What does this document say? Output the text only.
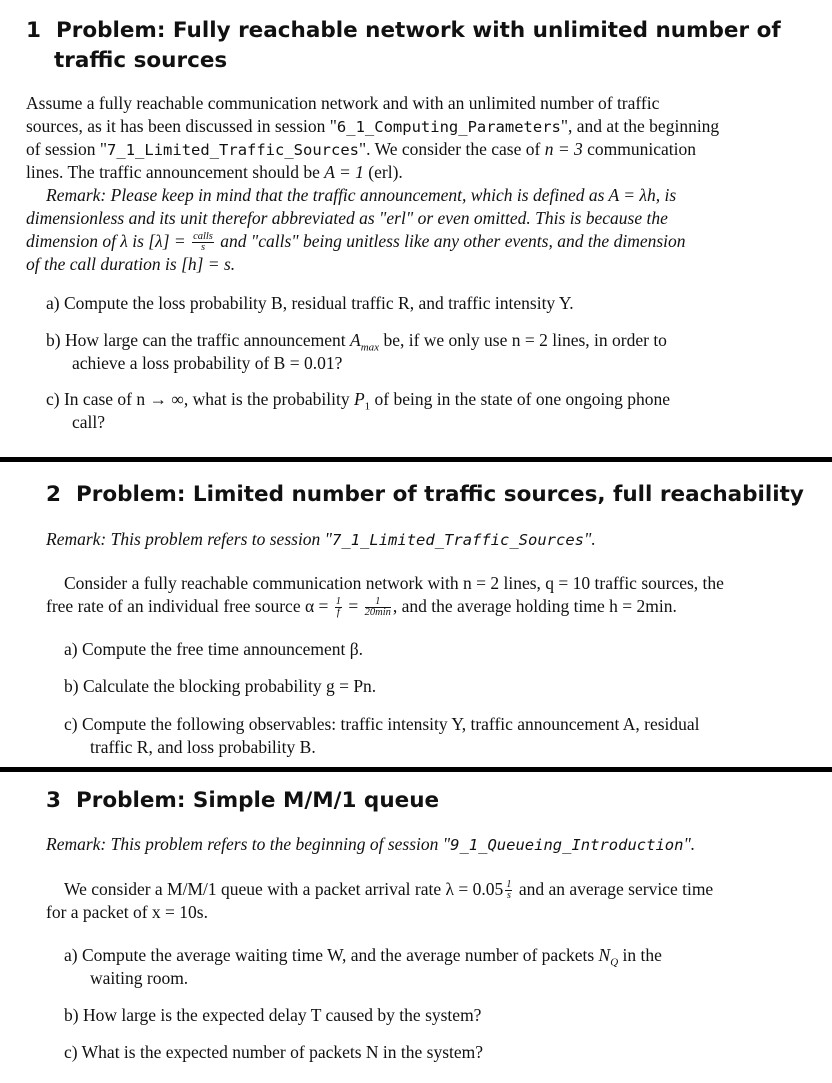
1 Problem: Fully reachable network with unlimited number of
traffic sources
Assume a fully reachable communication network and with an unlimited number of traffic
sources, as it has been discussed in session "6_1_Computing_Parameters", and at the beginning
of session "7_1_Limited_Traffic_Sources". We consider the case of n = 3 communication
lines. The traffic announcement should be A = 1 (erl).
Remark: Please keep in mind that the traffic announcement, which is defined as A = λh, is
dimensionless and its unit therefor abbreviated as "erl" or even omitted. This is because the
dimension of λ is $[\lambda] = \frac{\text{calls}}{s}$ and "calls" being unitless like any other events, and the dimension
of the call duration is [h] = s.
a) Compute the loss probability B, residual traffic R, and traffic intensity Y.
b) How large can the traffic announcement $A_{max}$ be, if we only use n = 2 lines, in order to
achieve a loss probability of B = 0.01?
c) In case of n → ∞, what is the probability $P_1$ of being in the state of one ongoing phone
call?
2 Problem: Limited number of traffic sources, full reachability
Remark: This problem refers to session "7_1_Limited_Traffic_Sources".
Consider a fully reachable communication network with n = 2 lines, q = 10 traffic sources, the
free rate of an individual free source $\alpha = \frac{1}{f} = \frac{1}{20\min}$ , and the average holding time h = 2min.
a) Compute the free time announcement β.
b) Calculate the blocking probability g = Pn.
c) Compute the following observables: traffic intensity Y, traffic announcement A, residual
traffic R, and loss probability B.
3 Problem: Simple M/M/1 queue
Remark: This problem refers to the beginning of session "9_1_Queueing_Introduction".
We consider a M/M/1 queue with a packet arrival rate $\lambda = 0.05 \frac{1}{s}$ and an average service time
for a packet of x = 10s.
a) Compute the average waiting time W, and the average number of packets $N_Q$ in the
waiting room.
b) How large is the expected delay T caused by the system?
c) What is the expected number of packets N in the system?
